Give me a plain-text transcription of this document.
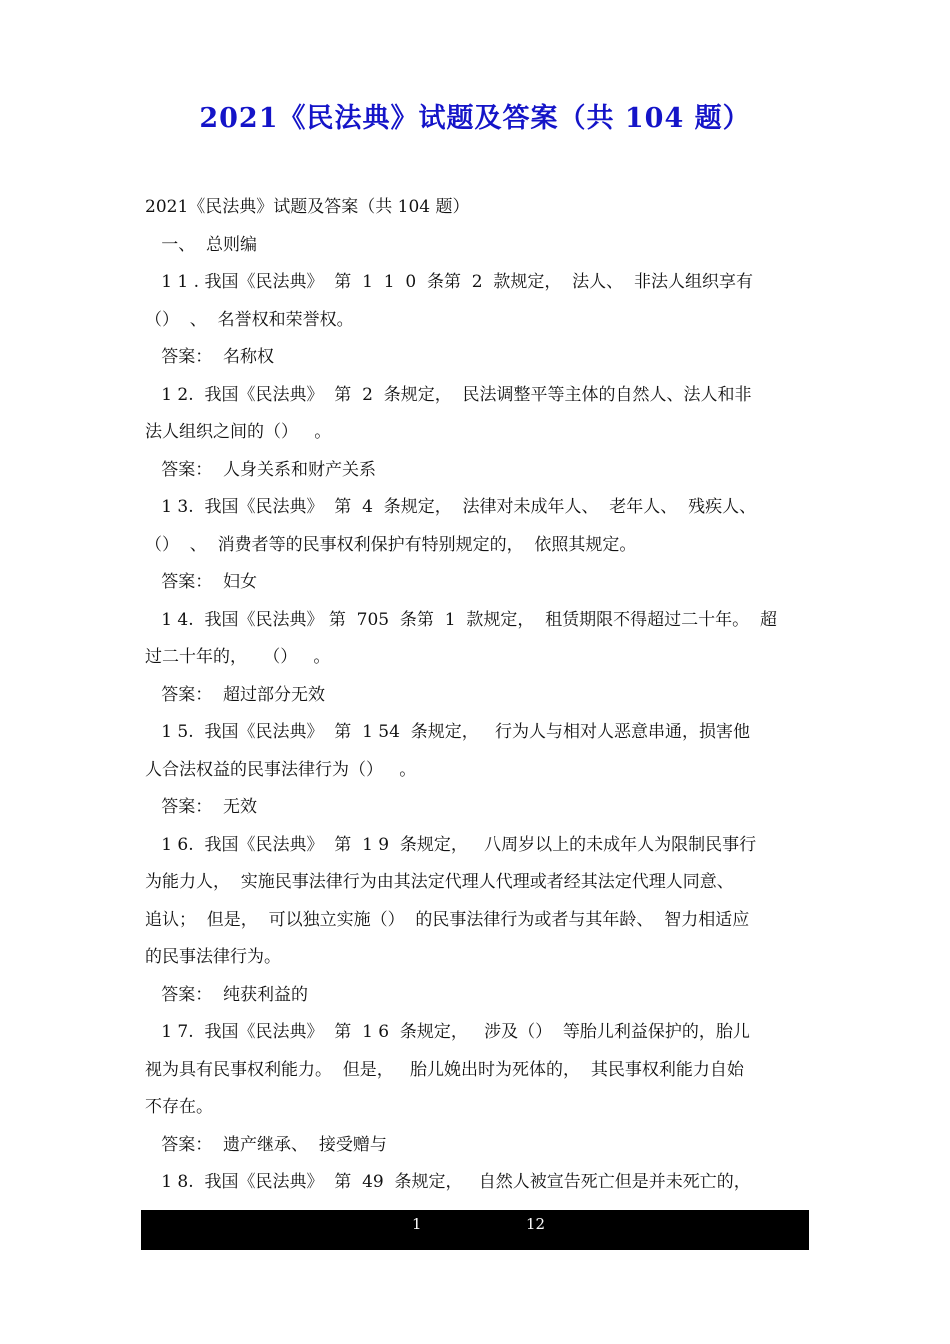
2021《民法典》试题及答案（共 104 题）
2021《民法典》试题及答案（共 104 题）
一、  总则编
1 1 . 我国《民法典》  第  1  1  0  条第  2  款规定，  法人、  非法人组织享有
（）  、  名誉权和荣誉权。
答案：  名称权
1 2.  我国《民法典》  第  2  条规定，  民法调整平等主体的自然人、法人和非
法人组织之间的（）   。
答案：  人身关系和财产关系
1 3.  我国《民法典》  第  4  条规定，  法律对未成年人、  老年人、  残疾人、
（）  、  消费者等的民事权利保护有特别规定的，  依照其规定。
答案：  妇女
1 4.  我国《民法典》 第  705  条第  1  款规定，  租赁期限不得超过二十年。  超
过二十年的，   （）   。
答案：  超过部分无效
1 5.  我国《民法典》  第  1 54  条规定，   行为人与相对人恶意串通，损害他
人合法权益的民事法律行为（）   。
答案：  无效
1 6.  我国《民法典》  第  1 9  条规定，   八周岁以上的未成年人为限制民事行
为能力人，  实施民事法律行为由其法定代理人代理或者经其法定代理人同意、
追认；  但是，  可以独立实施（）  的民事法律行为或者与其年龄、  智力相适应
的民事法律行为。
答案：  纯获利益的
1 7.  我国《民法典》  第  1 6  条规定，   涉及（）  等胎儿利益保护的，胎儿
视为具有民事权利能力。  但是，   胎儿娩出时为死体的，  其民事权利能力自始
不存在。
答案：  遗产继承、  接受赠与
1 8.  我国《民法典》  第  49  条规定，   自然人被宣告死亡但是并未死亡的，
1	12
